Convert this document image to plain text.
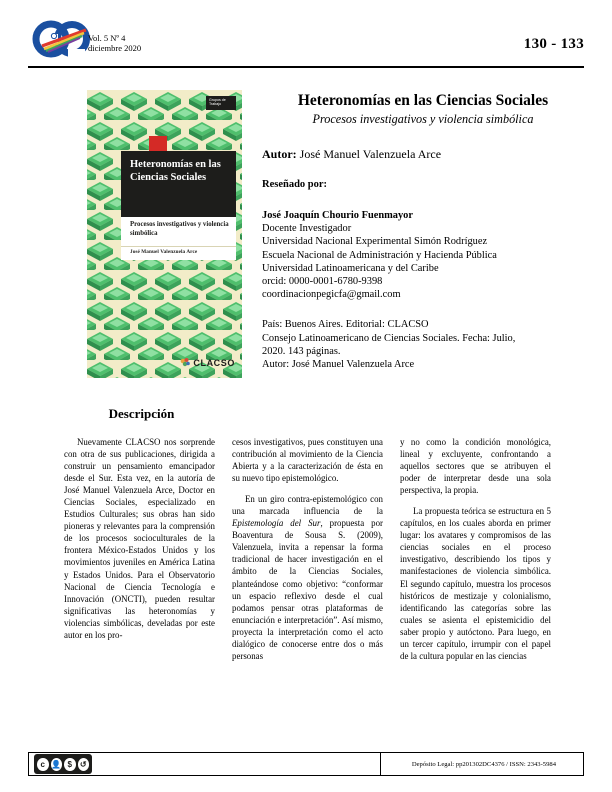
Vol. 5 Nº 4
diciembre 2020	130 - 133
Grupos de Trabajo
Heteronomías en las Ciencias Sociales
Procesos investigativos y violencia simbólica
José Manuel Valenzuela Arce
CLACSO
Heteronomías en las Ciencias Sociales
Procesos investigativos y violencia simbólica
Autor: José Manuel Valenzuela Arce
Reseñado por:
José Joaquín Chourio Fuenmayor
Docente Investigador
Universidad Nacional Experimental Simón Rodríguez
Escuela Nacional de Administración y Hacienda Pública
Universidad Latinoamericana y del Caribe
orcid: 0000-0001-6780-9398
coordinacionpegicfa@gmail.com
País: Buenos Aires. Editorial: CLACSO
Consejo Latinoamericano de Ciencias Sociales. Fecha: Julio,
2020. 143 páginas.
Autor: José Manuel Valenzuela Arce
Descripción

Nuevamente CLACSO nos sorprende con otra de sus publicaciones, dirigida a construir un pensamiento emancipador desde el Sur. Esta vez, en la autoría de José Manuel Valenzuela Arce, Doctor en Ciencias Sociales, especializado en Estudios Culturales; sus obras han sido pioneras y relevantes para la comprensión de los procesos socioculturales de la frontera México-Estados Unidos y los movimientos juveniles en América Latina y Estados Unidos. Para el Observatorio Nacional de Ciencia Tecnología e Innovación (ONCTI), pueden resultar significativas las heteronomías y violencias simbólicas, develadas por este autor en los pro-

cesos investigativos, pues constituyen una contribución al movimiento de la Ciencia Abierta y a la caracterización de ésta en su nuevo tipo epistemológico.

En un giro contra-epistemológico con una marcada influencia de la Epistemología del Sur, propuesta por Boaventura de Sousa S. (2009), Valenzuela, invita a repensar la forma tradicional de hacer investigación en el ámbito de la Ciencias Sociales, planteándose como objetivo: “conformar un espacio reflexivo desde el cual podamos pensar otras plataformas de enunciación e interpretación”. Así mismo, proyecta la interpretación como el acto dialógico de conocerse entre dos o más personas

y no como la condición monológica, lineal y excluyente, confrontando a aquellos sectores que se atribuyen el poder de interpretar desde una sola perspectiva, la propia.

La propuesta teórica se estructura en 5 capítulos, en los cuales aborda en primer lugar: los avatares y compromisos de las ciencias sociales en el proceso investigativo, describiendo los tipos y manifestaciones de violencia simbólica. El segundo capítulo, muestra los procesos históricos de mestizaje y colonialismo, identificando las categorías sobre las cuales se asienta el epistemicidio del saber propio y autóctono. Para luego, en un tercer capítulo, irrumpir con el papel de la cultura popular en las ciencias

c 👤 $ ↺	Depósito Legal: pp201302DC4376 / ISSN: 2343-5984
